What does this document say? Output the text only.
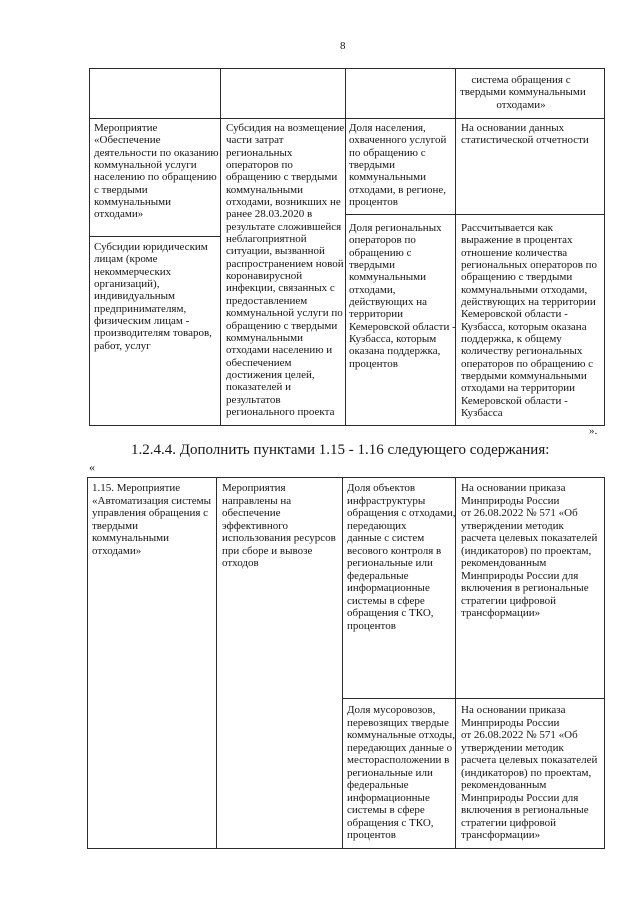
8
система обращения с
твердыми коммунальными
отходами»
Мероприятие
«Обеспечение
деятельности по оказанию
коммунальной услуги
населению по обращению
с твердыми
коммунальными
отходами»
Субсидии юридическим
лицам (кроме
некоммерческих
организаций),
индивидуальным
предпринимателям,
физическим лицам -
производителям товаров,
работ, услуг
Субсидия на возмещение
части затрат
региональных
операторов по
обращению с твердыми
коммунальными
отходами, возникших не
ранее 28.03.2020 в
результате сложившейся
неблагоприятной
ситуации, вызванной
распространением новой
коронавирусной
инфекции, связанных с
предоставлением
коммунальной услуги по
обращению с твердыми
коммунальными
отходами населению и
обеспечением
достижения целей,
показателей и
результатов
регионального проекта
Доля населения,
охваченного услугой
по обращению с
твердыми
коммунальными
отходами, в регионе,
процентов
На основании данных
статистической отчетности
Доля региональных
операторов по
обращению с
твердыми
коммунальными
отходами,
действующих на
территории
Кемеровской области -
Кузбасса, которым
оказана поддержка,
процентов
Рассчитывается как
выражение в процентах
отношение количества
региональных операторов по
обращению с твердыми
коммунальными отходами,
действующих на территории
Кемеровской области -
Кузбасса, которым оказана
поддержка, к общему
количеству региональных
операторов по обращению с
твердыми коммунальными
отходами на территории
Кемеровской области -
Кузбасса
».
1.2.4.4. Дополнить пунктами 1.15 - 1.16 следующего содержания:
«
1.15. Мероприятие
«Автоматизация системы
управления обращения с
твердыми
коммунальными
отходами»
Мероприятия
направлены на
обеспечение
эффективного
использования ресурсов
при сборе и вывозе
отходов
Доля объектов
инфраструктуры
обращения с отходами,
передающих
данные с систем
весового контроля в
региональные или
федеральные
информационные
системы в сфере
обращения с ТКО,
процентов
На основании приказа
Минприроды России
от 26.08.2022 № 571 «Об
утверждении методик
расчета целевых показателей
(индикаторов) по проектам,
рекомендованным
Минприроды России для
включения в региональные
стратегии цифровой
трансформации»
Доля мусоровозов,
перевозящих твердые
коммунальные отходы,
передающих данные о
месторасположении в
региональные или
федеральные
информационные
системы в сфере
обращения с ТКО,
процентов
На основании приказа
Минприроды России
от 26.08.2022 № 571 «Об
утверждении методик
расчета целевых показателей
(индикаторов) по проектам,
рекомендованным
Минприроды России для
включения в региональные
стратегии цифровой
трансформации»
